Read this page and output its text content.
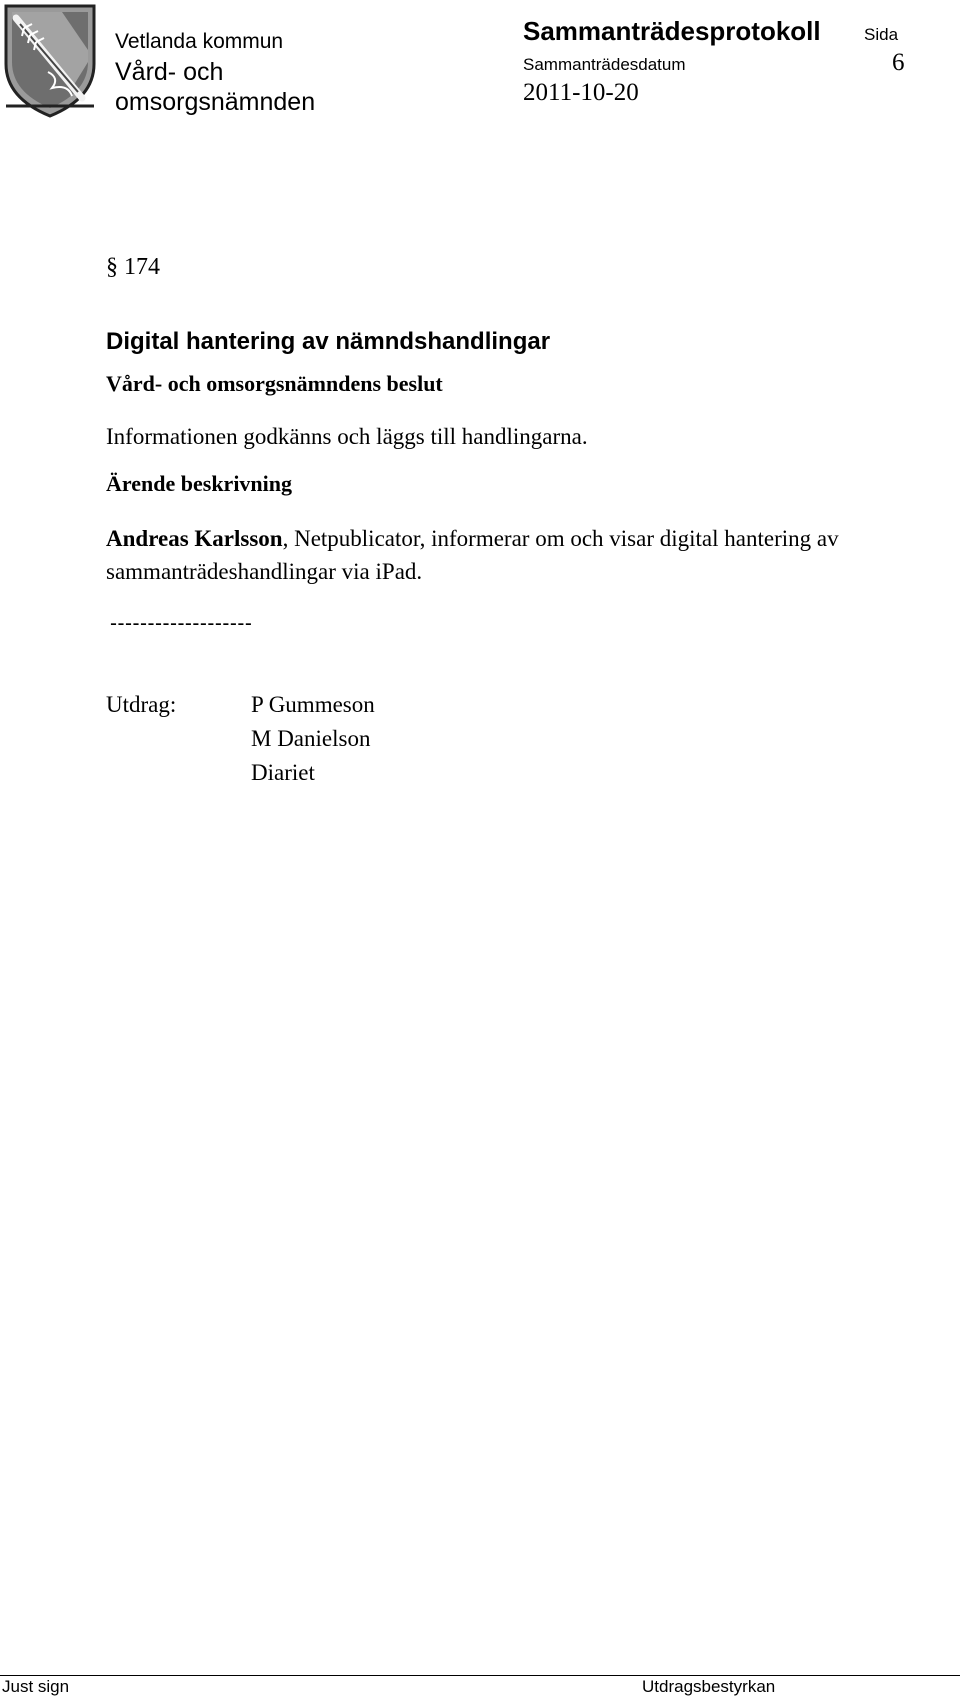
Vetlanda kommun
Vård- och
omsorgsnämnden
Sammanträdesprotokoll
Sammanträdesdatum
2011-10-20
Sida
6
§ 174
Digital hantering av nämndshandlingar
Vård- och omsorgsnämndens beslut
Informationen godkänns och läggs till handlingarna.
Ärende beskrivning
Andreas Karlsson, Netpublicator, informerar om och visar digital hantering av sammanträdeshandlingar via iPad.
-------------------
Utdrag:	P Gummeson
M Danielson
Diariet
Just sign	Utdragsbestyrkan
